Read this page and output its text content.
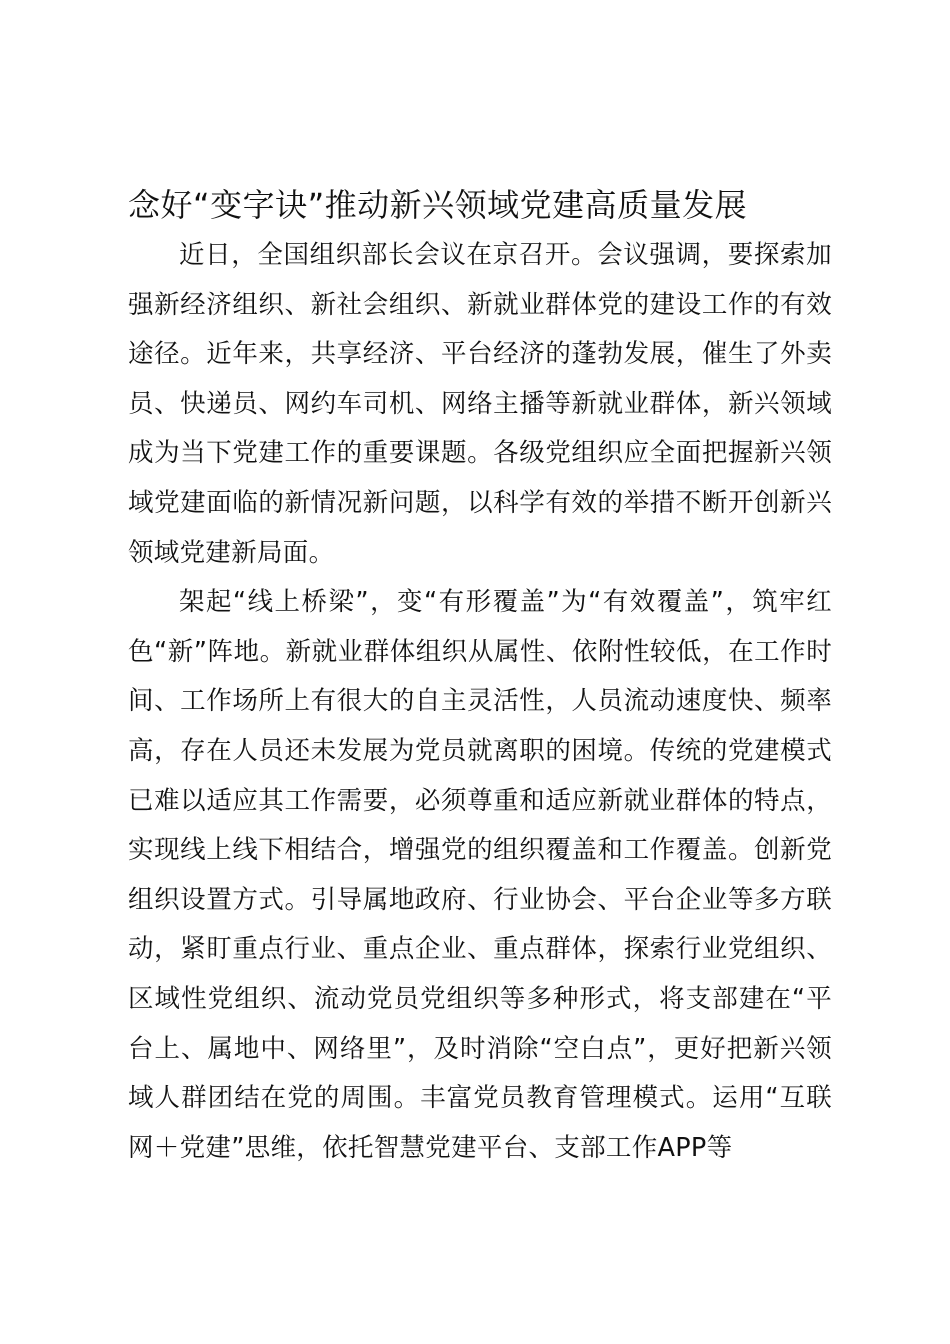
念好“变字诀”推动新兴领域党建高质量发展

近日，全国组织部长会议在京召开。会议强调，要探索加强新经济组织、新社会组织、新就业群体党的建设工作的有效途径。近年来，共享经济、平台经济的蓬勃发展，催生了外卖员、快递员、网约车司机、网络主播等新就业群体，新兴领域成为当下党建工作的重要课题。各级党组织应全面把握新兴领域党建面临的新情况新问题，以科学有效的举措不断开创新兴领域党建新局面。

架起“线上桥梁”，变“有形覆盖”为“有效覆盖”，筑牢红色“新”阵地。新就业群体组织从属性、依附性较低，在工作时间、工作场所上有很大的自主灵活性，人员流动速度快、频率高，存在人员还未发展为党员就离职的困境。传统的党建模式已难以适应其工作需要，必须尊重和适应新就业群体的特点，实现线上线下相结合，增强党的组织覆盖和工作覆盖。创新党组织设置方式。引导属地政府、行业协会、平台企业等多方联动，紧盯重点行业、重点企业、重点群体，探索行业党组织、区域性党组织、流动党员党组织等多种形式，将支部建在“平台上、属地中、网络里”，及时消除“空白点”，更好把新兴领域人群团结在党的周围。丰富党员教育管理模式。运用“互联网＋党建”思维，依托智慧党建平台、支部工作APP等
